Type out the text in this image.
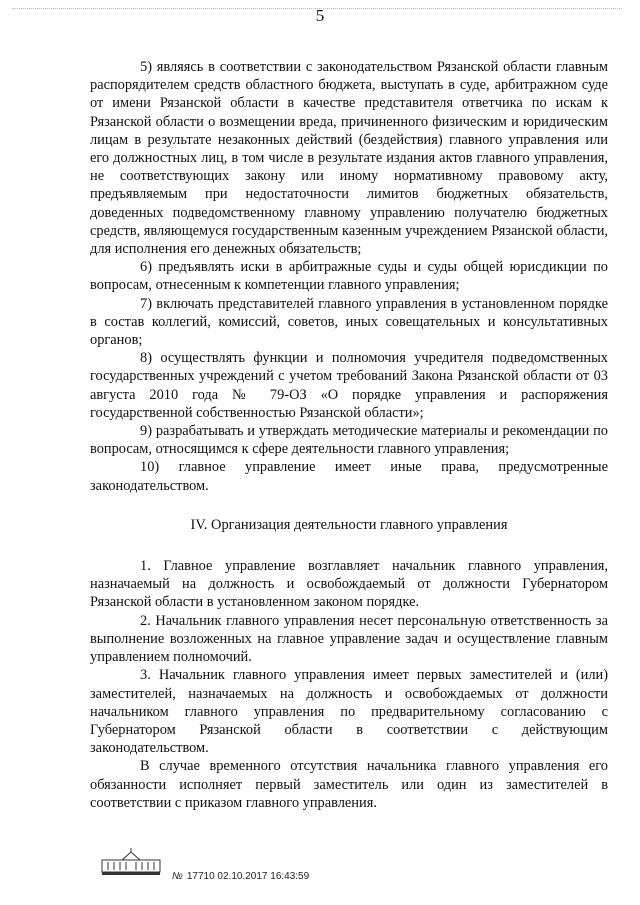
5

5) являясь в соответствии с законодательством Рязанской области главным распорядителем средств областного бюджета, выступать в суде, арбитражном суде от имени Рязанской области в качестве представителя ответчика по искам к Рязанской области о возмещении вреда, причиненного физическим и юридическим лицам в результате незаконных действий (бездействия) главного управления или его должностных лиц, в том числе в результате издания актов главного управления, не соответствующих закону или иному нормативному правовому акту, предъявляемым при недостаточности лимитов бюджетных обязательств, доведенных подведомственному главному управлению получателю бюджетных средств, являющемуся государственным казенным учреждением Рязанской области, для исполнения его денежных обязательств;

6) предъявлять иски в арбитражные суды и суды общей юрисдикции по вопросам, отнесенным к компетенции главного управления;

7) включать представителей главного управления в установленном порядке в состав коллегий, комиссий, советов, иных совещательных и консультативных органов;

8) осуществлять функции и полномочия учредителя подведомственных государственных учреждений с учетом требований Закона Рязанской области от 03 августа 2010 года № 79-ОЗ «О порядке управления и распоряжения государственной собственностью Рязанской области»;

9) разрабатывать и утверждать методические материалы и рекомендации по вопросам, относящимся к сфере деятельности главного управления;

10) главное управление имеет иные права, предусмотренные законодательством.

IV. Организация деятельности главного управления

1. Главное управление возглавляет начальник главного управления, назначаемый на должность и освобождаемый от должности Губернатором Рязанской области в установленном законом порядке.

2. Начальник главного управления несет персональную ответственность за выполнение возложенных на главное управление задач и осуществление главным управлением полномочий.

3. Начальник главного управления имеет первых заместителей и (или) заместителей, назначаемых на должность и освобождаемых от должности начальником главного управления по предварительному согласованию с Губернатором Рязанской области в соответствии с действующим законодательством.

В случае временного отсутствия начальника главного управления его обязанности исполняет первый заместитель или один из заместителей в соответствии с приказом главного управления.

№ 17710 02.10.2017 16:43:59
